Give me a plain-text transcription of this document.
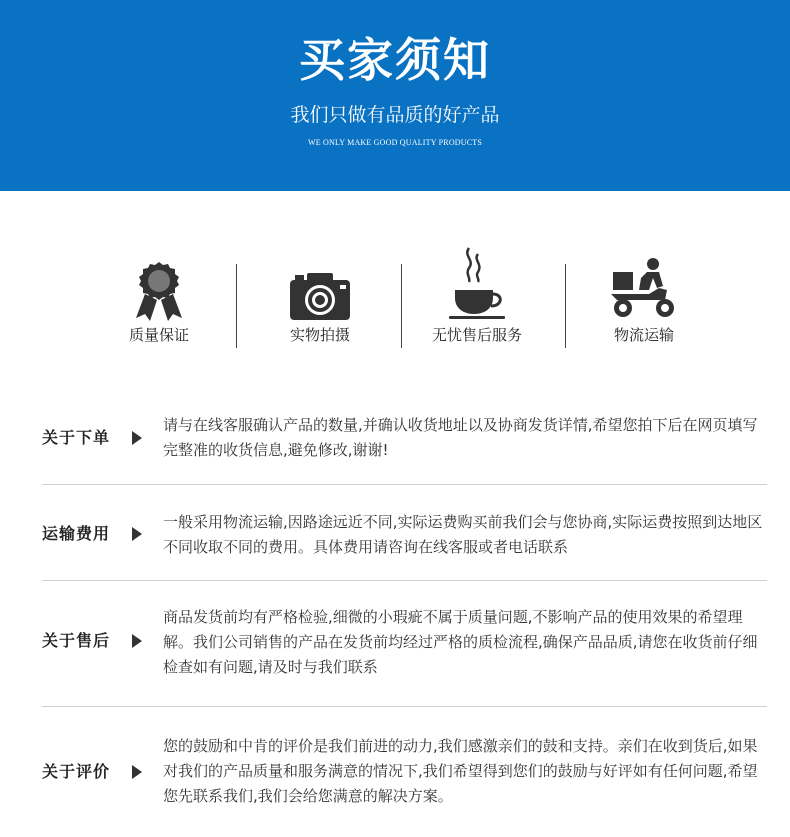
买家须知
我们只做有品质的好产品
WE ONLY MAKE GOOD QUALITY PRODUCTS
质量保证	实物拍摄	无忧售后服务	物流运输
关于下单
请与在线客服确认产品的数量,并确认收货地址以及协商发货详情,希望您拍下后在网页填写完整准的收货信息,避免修改,谢谢!
运输费用
一般采用物流运输,因路途远近不同,实际运费购买前我们会与您协商,实际运费按照到达地区不同收取不同的费用。具体费用请咨询在线客服或者电话联系
关于售后
商品发货前均有严格检验,细微的小瑕疵不属于质量问题,不影响产品的使用效果的希望理解。我们公司销售的产品在发货前均经过严格的质检流程,确保产品品质,请您在收货前仔细检查如有问题,请及时与我们联系
关于评价
您的鼓励和中肯的评价是我们前进的动力,我们感激亲们的鼓和支持。亲们在收到货后,如果对我们的产品质量和服务满意的情况下,我们希望得到您们的鼓励与好评如有任何问题,希望您先联系我们,我们会给您满意的解决方案。
